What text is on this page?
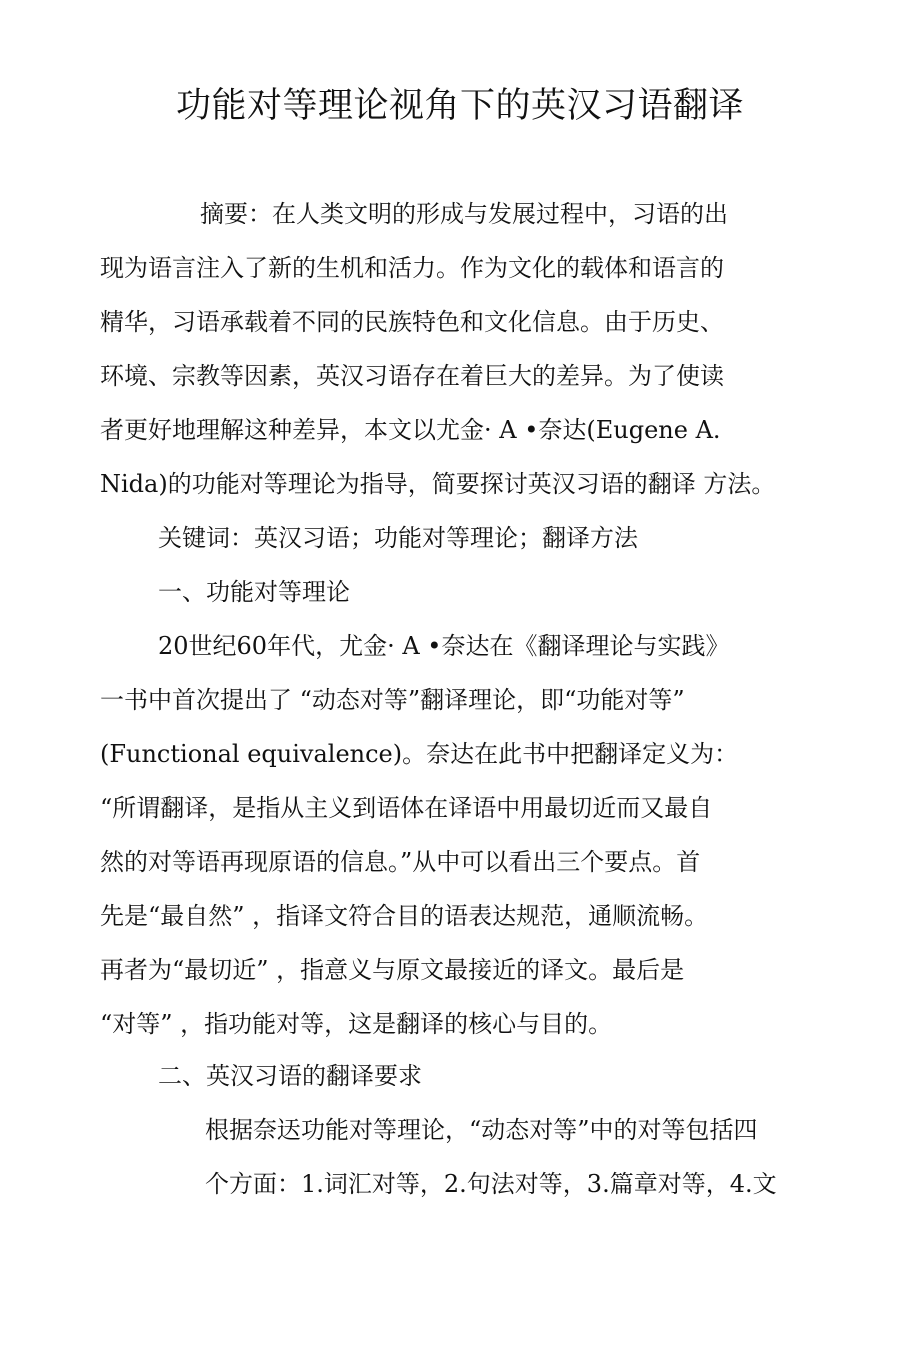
功能对等理论视角下的英汉习语翻译
摘要：在人类文明的形成与发展过程中，习语的出
现为语言注入了新的生机和活力。作为文化的载体和语言的
精华，习语承载着不同的民族特色和文化信息。由于历史、
环境、宗教等因素，英汉习语存在着巨大的差异。为了使读
者更好地理解这种差异，本文以尤金· A •奈达(Eugene A.
Nida)的功能对等理论为指导，简要探讨英汉习语的翻译 方法。
关键词：英汉习语；功能对等理论；翻译方法
一、功能对等理论
20世纪60年代，尤金· A •奈达在《翻译理论与实践》
一书中首次提出了 “动态对等”翻译理论，即“功能对等”
(Functional equivalence)。奈达在此书中把翻译定义为：
“所谓翻译，是指从主义到语体在译语中用最切近而又最自
然的对等语再现原语的信息。”从中可以看出三个要点。首
先是“最自然” ，指译文符合目的语表达规范，通顺流畅。
再者为“最切近” ，指意义与原文最接近的译文。最后是
“对等” ，指功能对等，这是翻译的核心与目的。
二、英汉习语的翻译要求
根据奈迗功能对等理论，“动态对等”中的对等包括四
个方面：1.词汇对等，2.句法对等，3.篇章对等，4.文
